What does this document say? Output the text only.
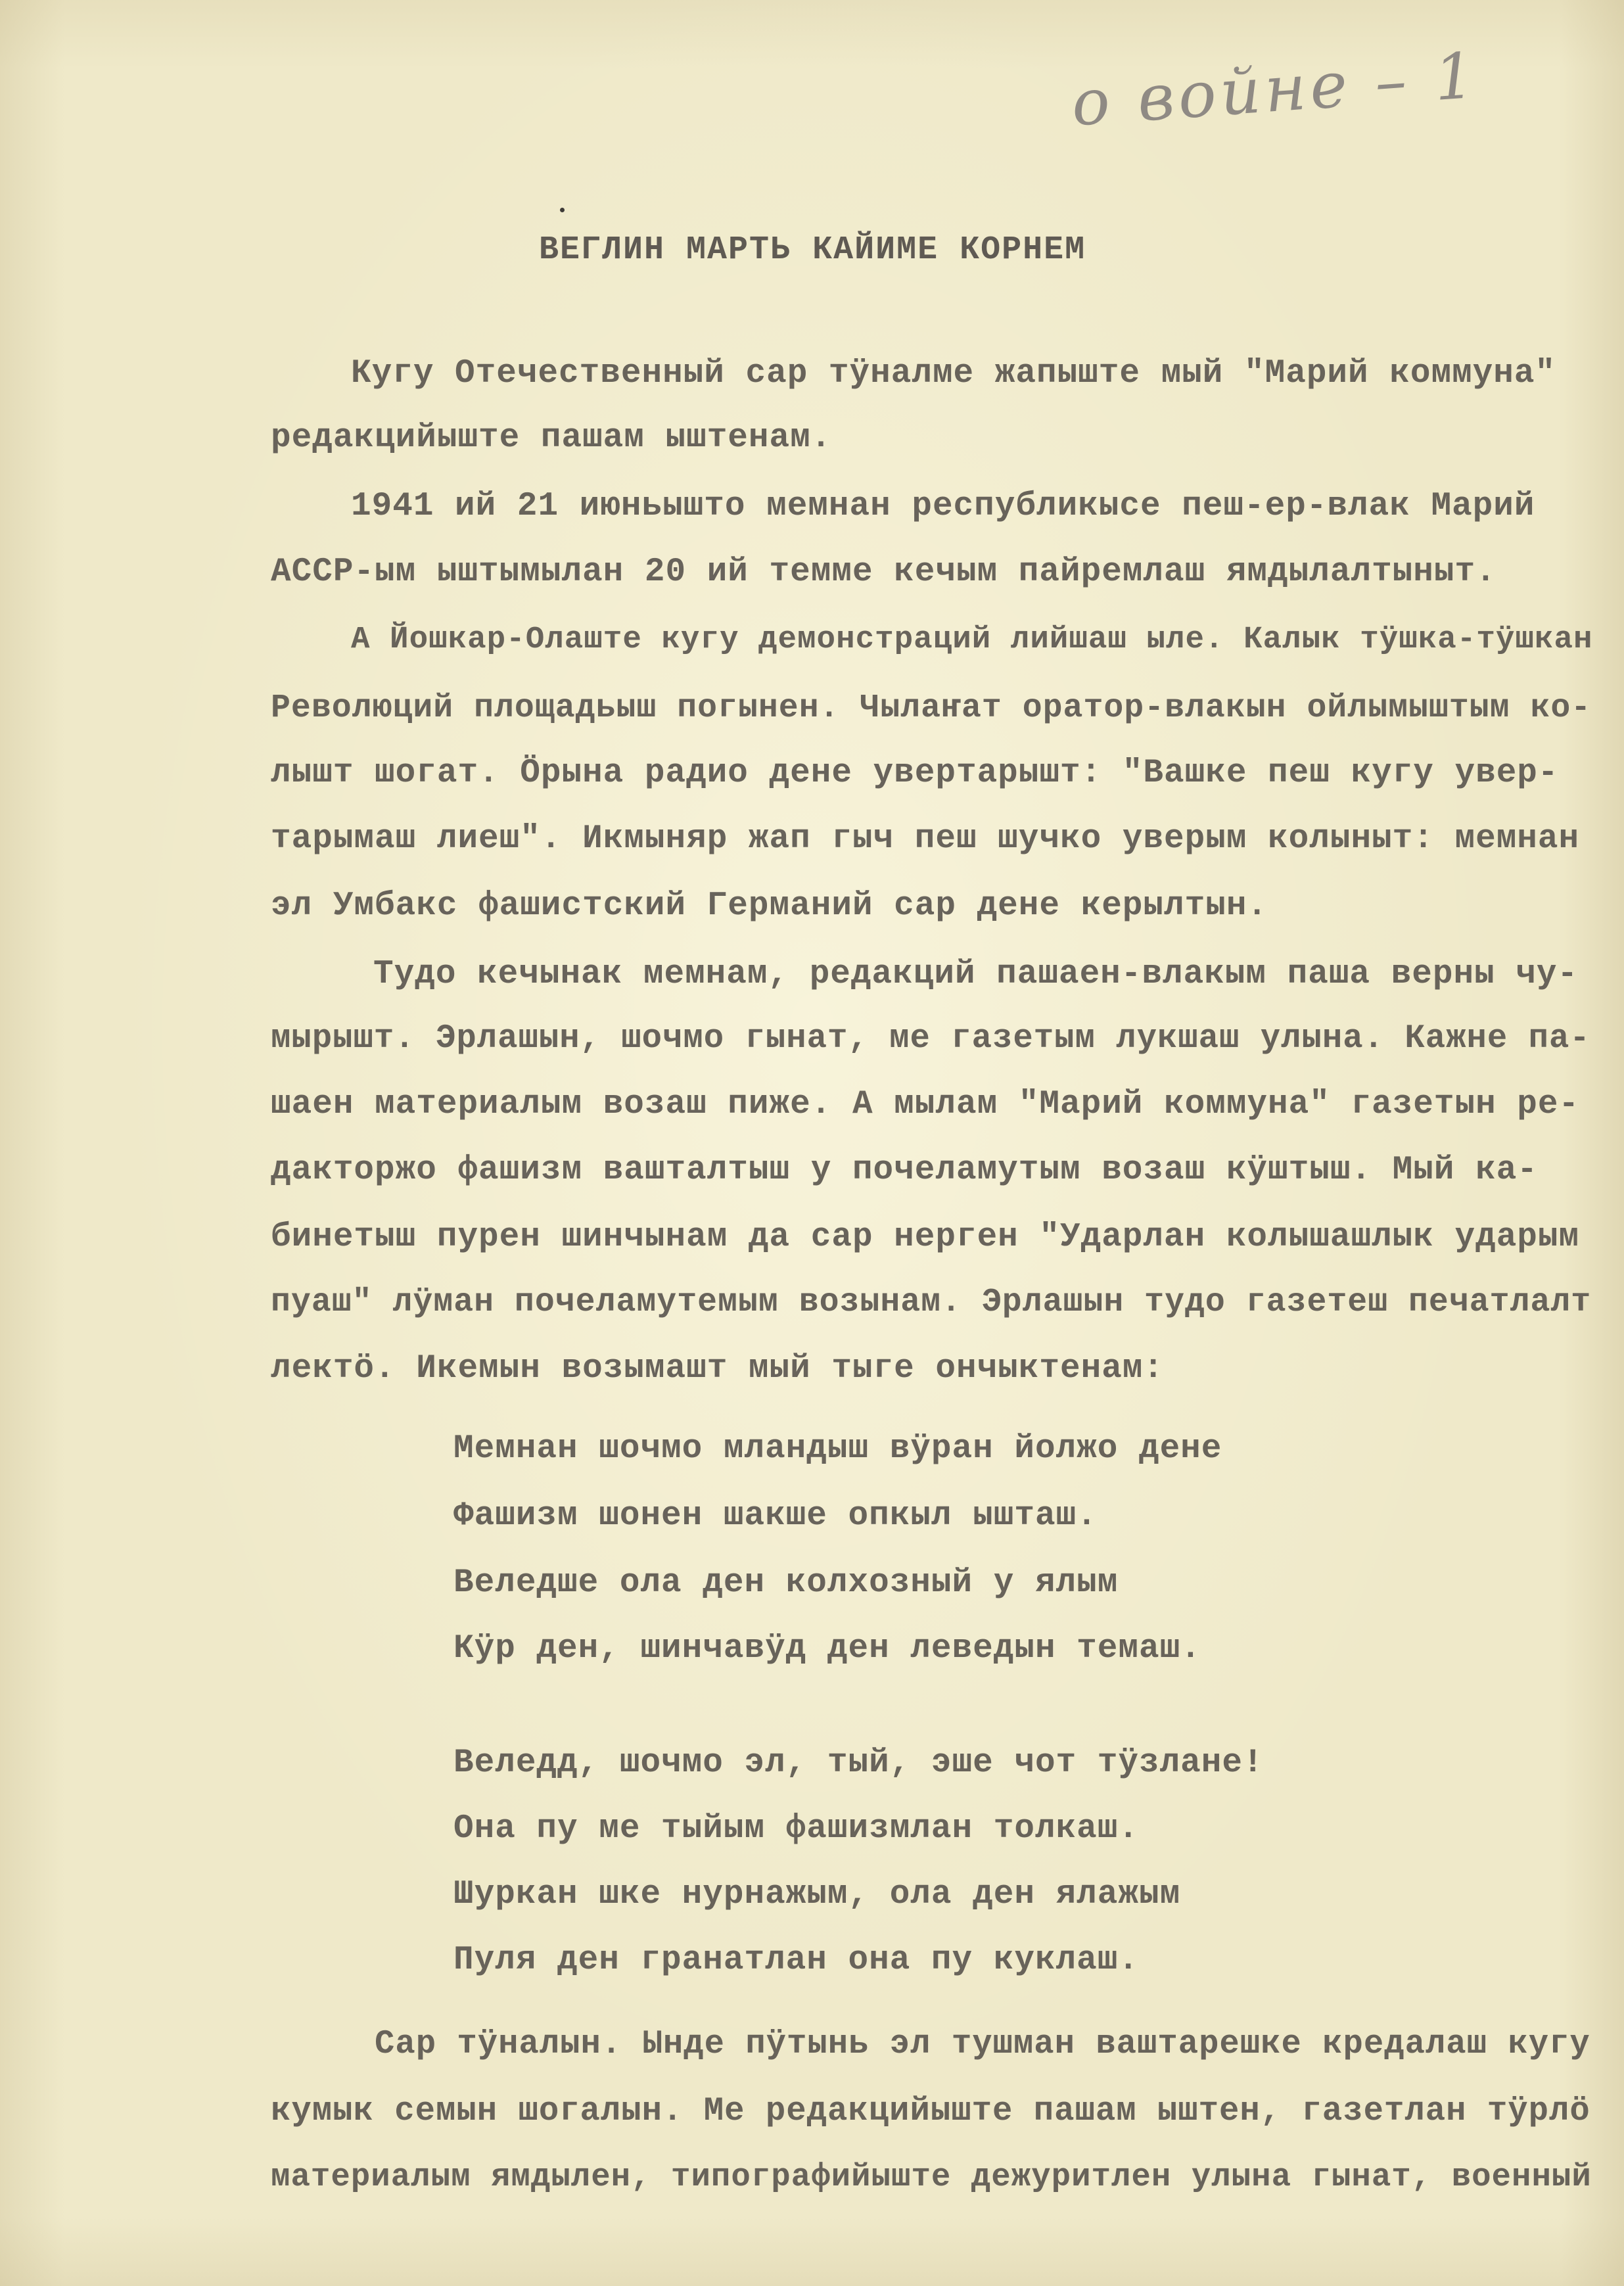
о войне – 1
ВЕГЛИН МАРТЬ КАЙИМЕ КОРНЕМ
Кугу Отечественный сар тӱналме жапыште мый "Марий коммуна"
редакцийыште пашам ыштенам.
1941 ий 21 июньышто мемнан республикысе пеш-ер-влак Марий
АССР-ым ыштымылан 20 ий темме кечым пайремлаш ямдылалтыныт.
А Йошкар-Олаште кугу демонстраций лийшаш ыле. Калык тӱшка-тӱшкан
Революций площадьыш погынен. Чылаҥат оратор-влакын ойлымыштым ко-
лышт шогат. Ӧрына радио дене увертарышт: "Вашке пеш кугу увер-
тарымаш лиеш". Икмыняр жап гыч пеш шучко уверым колыныт: мемнан
эл Умбакс фашистский Германий сар дене керылтын.
Тудо кечынак мемнам, редакций пашаен-влакым паша верны чу-
мырышт. Эрлашын, шочмо гынат, ме газетым лукшаш улына. Кажне па-
шаен материалым возаш пиже. А мылам "Марий коммуна" газетын ре-
дакторжо фашизм вашталтыш у почеламутым возаш кӱштыш. Мый ка-
бинетыш пурен шинчынам да сар нерген "Ударлан колышашлык ударым
пуаш" лӱман почеламутемым возынам. Эрлашын тудо газетеш печатлалт
лектӧ. Икемын возымашт мый тыге ончыктенам:
Мемнан шочмо мландыш вӱран йолжо дене
Фашизм шонен шакше опкыл ышташ.
Веледше ола ден колхозный у ялым
Кӱр ден, шинчавӱд ден леведын темаш.
Веледд, шочмо эл, тый, эше чот тӱзлане!
Она пу ме тыйым фашизмлан толкаш.
Шуркан шке нурнажым, ола ден ялажым
Пуля ден гранатлан она пу куклаш.
Сар тӱналын. Ынде пӱтынь эл тушман ваштарешке кредалаш кугу
кумык семын шогалын. Ме редакцийыште пашам ыштен, газетлан тӱрлӧ
материалым ямдылен, типографийыште дежуритлен улына гынат, военный
